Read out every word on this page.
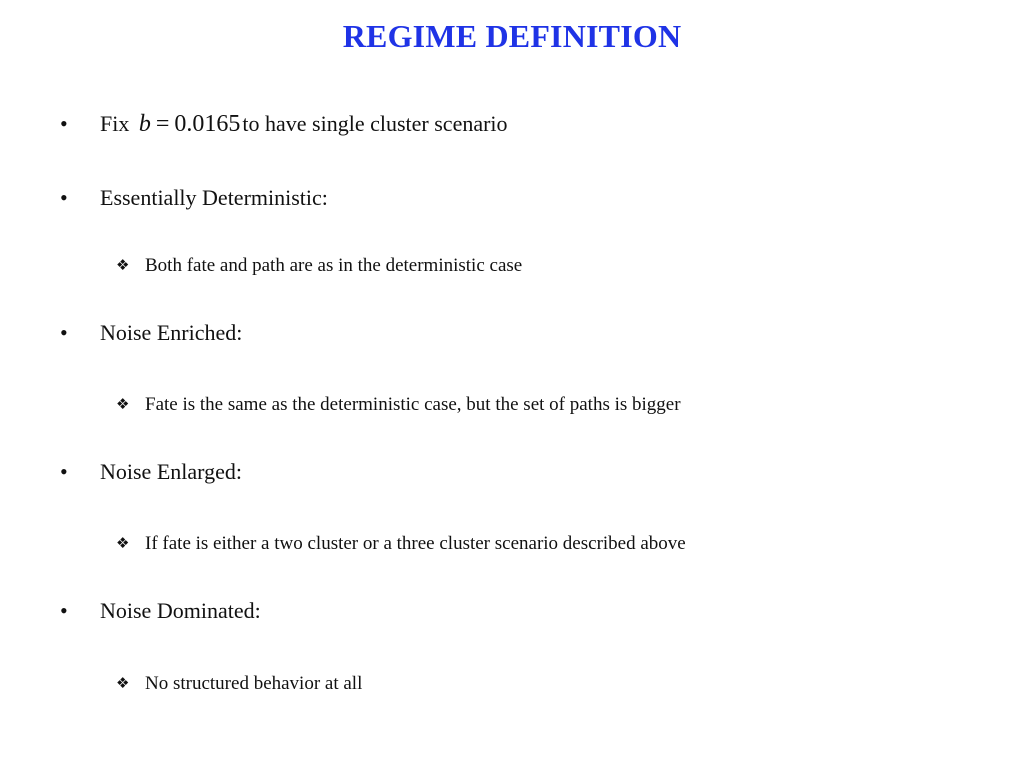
REGIME DEFINITION
• Fix b = 0.0165to have single cluster scenario
• Essentially Deterministic:
❖ Both fate and path are as in the deterministic case
• Noise Enriched:
❖ Fate is the same as the deterministic case, but the set of paths is bigger
• Noise Enlarged:
❖ If fate is either a two cluster or a three cluster scenario described above
• Noise Dominated:
❖ No structured behavior at all
